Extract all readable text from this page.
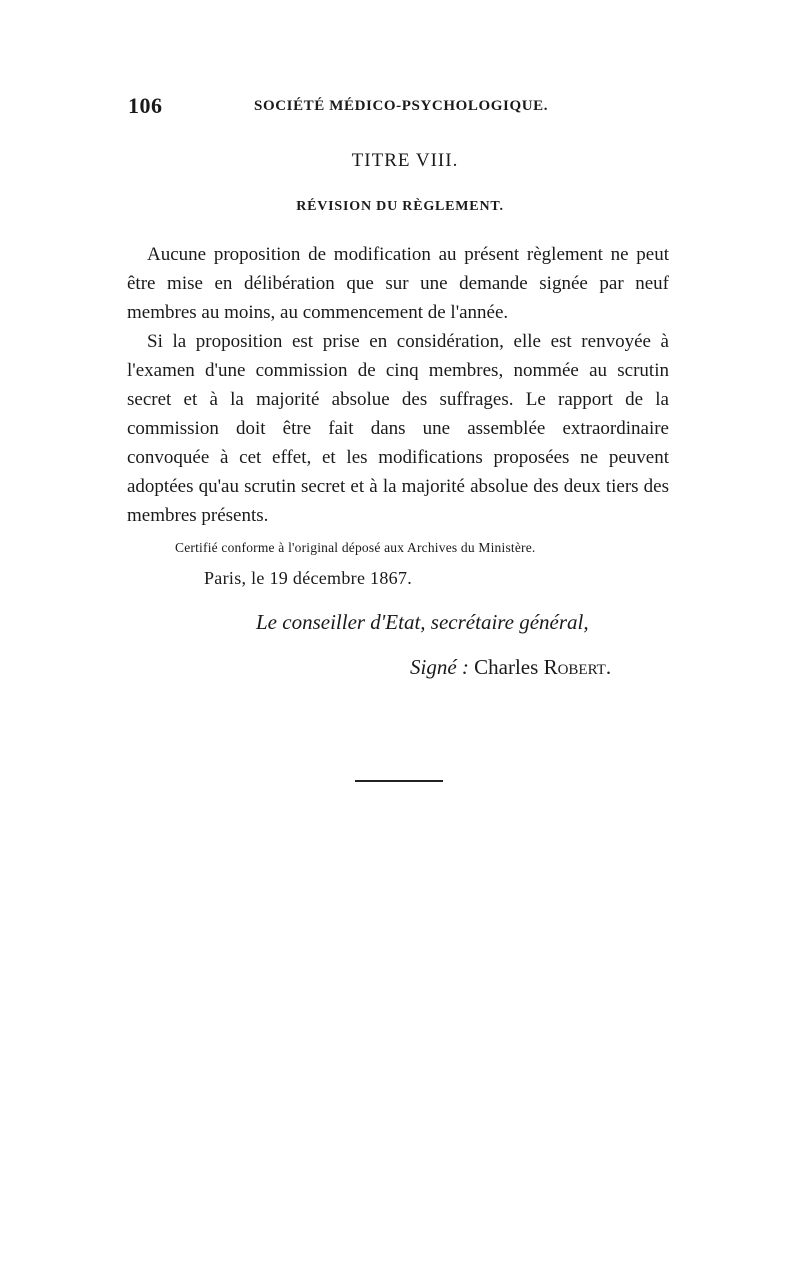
106	SOCIÉTÉ MÉDICO-PSYCHOLOGIQUE.
TITRE VIII.
RÉVISION DU RÈGLEMENT.

Aucune proposition de modification au présent règlement ne peut être mise en délibération que sur une demande signée par neuf membres au moins, au commencement de l'année.

Si la proposition est prise en considération, elle est renvoyée à l'examen d'une commission de cinq membres, nommée au scrutin secret et à la majorité absolue des suffrages. Le rapport de la commission doit être fait dans une assemblée extraordinaire convoquée à cet effet, et les modifications proposées ne peuvent adoptées qu'au scrutin secret et à la majorité absolue des deux tiers des membres présents.

Certifié conforme à l'original déposé aux Archives du Ministère.
Paris, le 19 décembre 1867.
Le conseiller d'Etat, secrétaire général,
Signé : Charles Robert.
